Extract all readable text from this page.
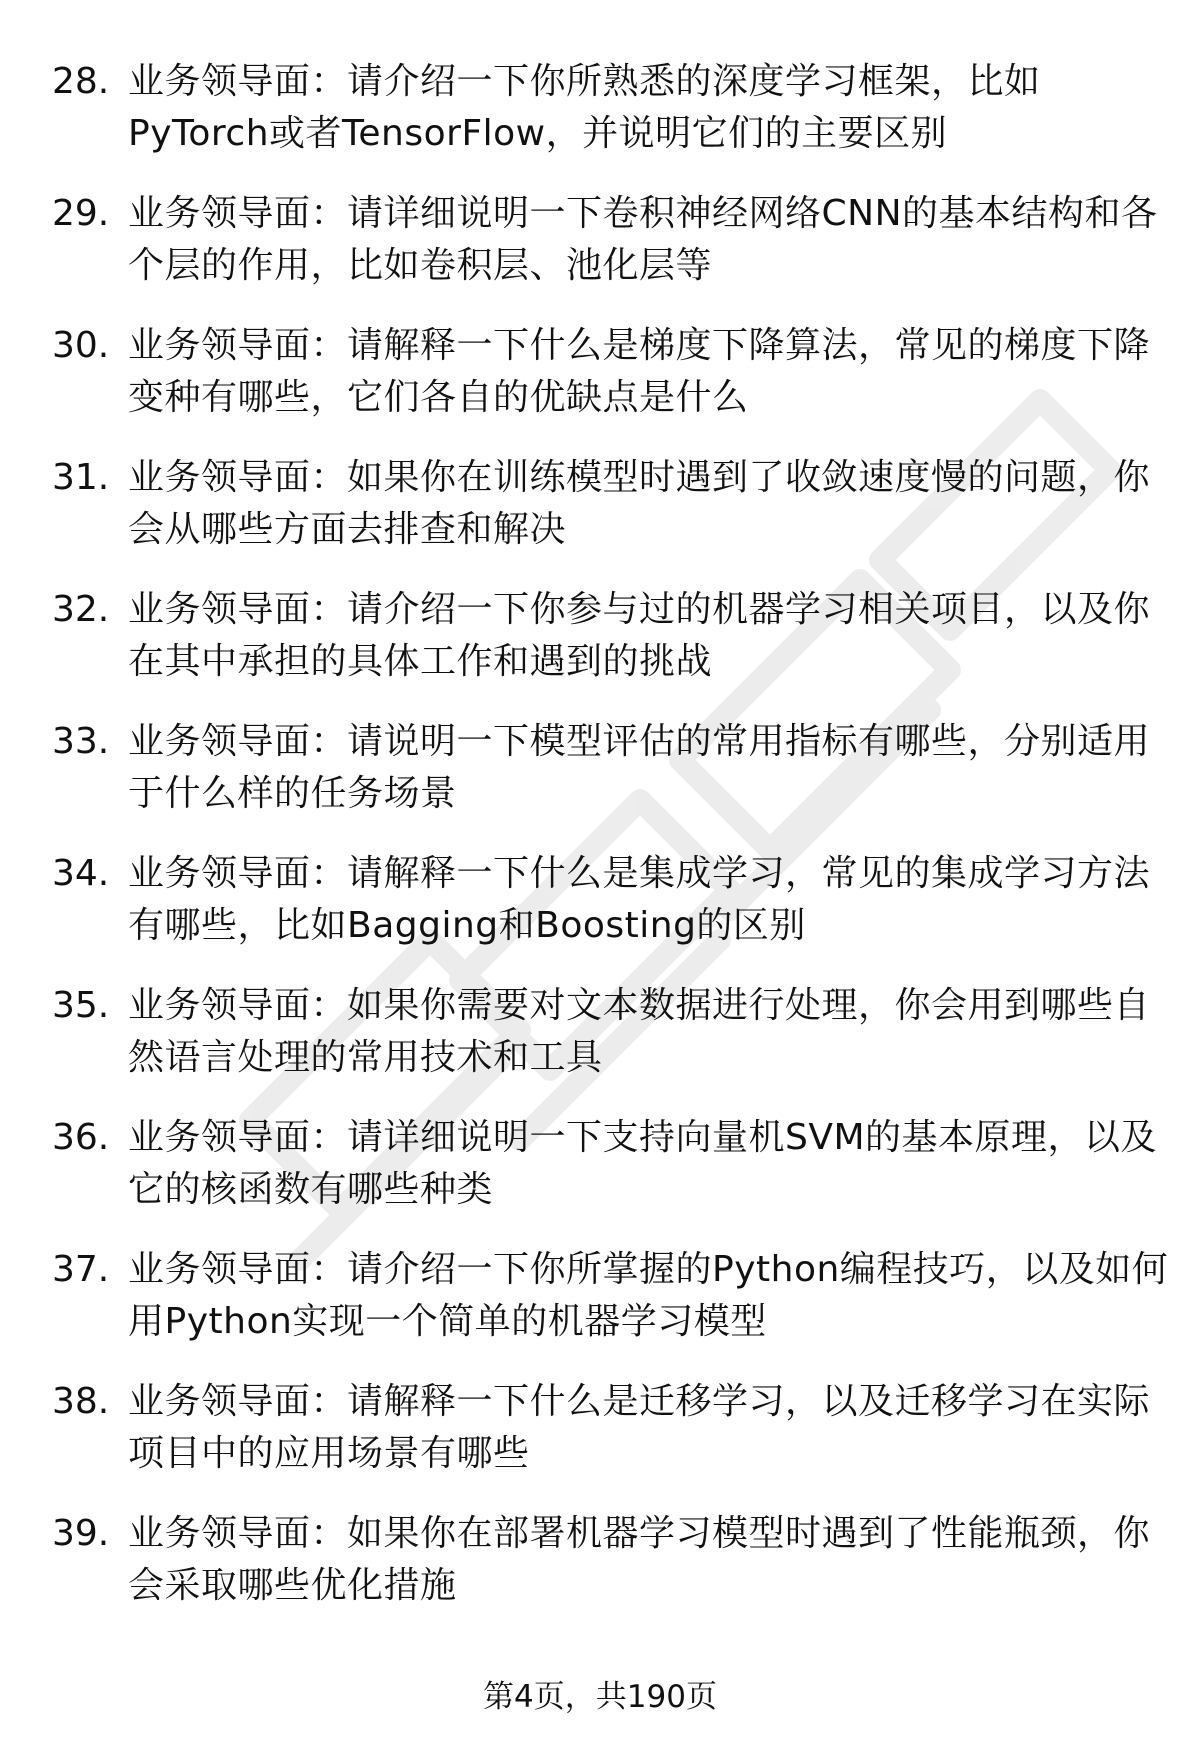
28. 业务领导面：请介绍一下你所熟悉的深度学习框架，比如
PyTorch或者TensorFlow，并说明它们的主要区别
29. 业务领导面：请详细说明一下卷积神经网络CNN的基本结构和各
个层的作用，比如卷积层、池化层等
30. 业务领导面：请解释一下什么是梯度下降算法，常见的梯度下降
变种有哪些，它们各自的优缺点是什么
31. 业务领导面：如果你在训练模型时遇到了收敛速度慢的问题，你
会从哪些方面去排查和解决
32. 业务领导面：请介绍一下你参与过的机器学习相关项目，以及你
在其中承担的具体工作和遇到的挑战
33. 业务领导面：请说明一下模型评估的常用指标有哪些，分别适用
于什么样的任务场景
34. 业务领导面：请解释一下什么是集成学习，常见的集成学习方法
有哪些，比如Bagging和Boosting的区别
35. 业务领导面：如果你需要对文本数据进行处理，你会用到哪些自
然语言处理的常用技术和工具
36. 业务领导面：请详细说明一下支持向量机SVM的基本原理，以及
它的核函数有哪些种类
37. 业务领导面：请介绍一下你所掌握的Python编程技巧，以及如何
用Python实现一个简单的机器学习模型
38. 业务领导面：请解释一下什么是迁移学习，以及迁移学习在实际
项目中的应用场景有哪些
39. 业务领导面：如果你在部署机器学习模型时遇到了性能瓶颈，你
会采取哪些优化措施
第4页，共190页
